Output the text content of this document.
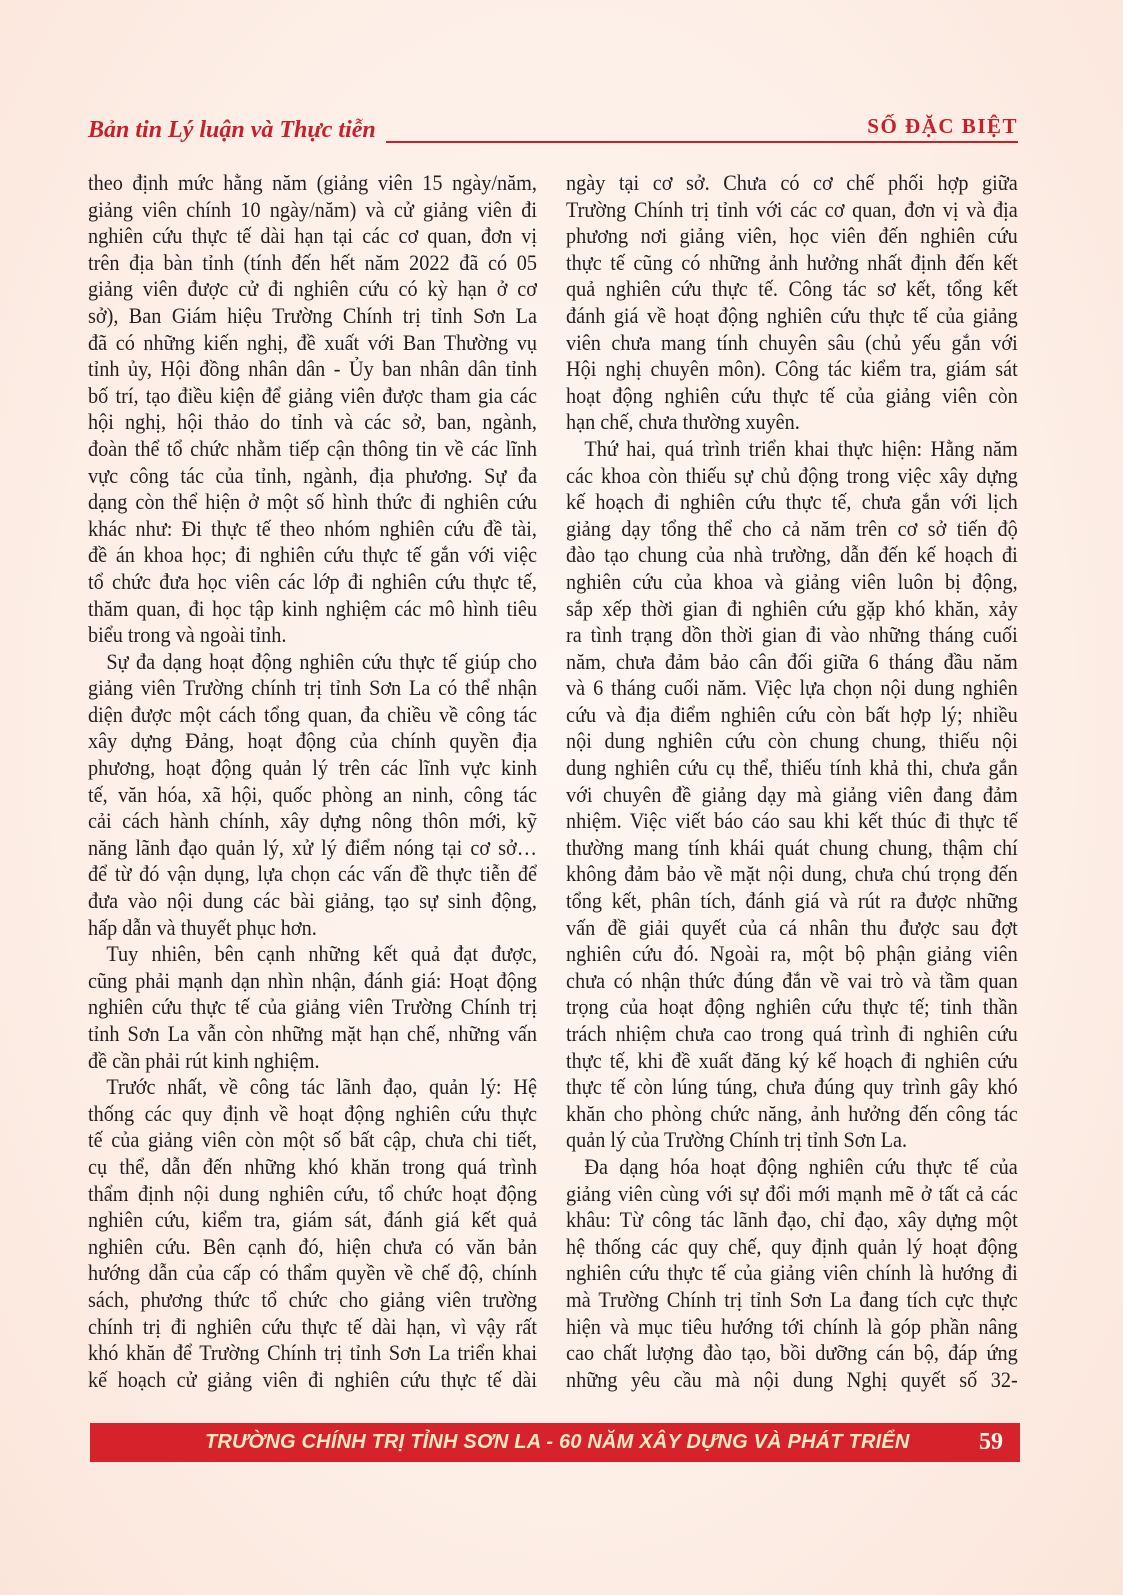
Bản tin Lý luận và Thực tiễn	SỐ ĐẶC BIỆT
theo định mức hằng năm (giảng viên 15 ngày/năm,
giảng viên chính 10 ngày/năm) và cử giảng viên đi
nghiên cứu thực tế dài hạn tại các cơ quan, đơn vị
trên địa bàn tỉnh (tính đến hết năm 2022 đã có 05
giảng viên được cử đi nghiên cứu có kỳ hạn ở cơ
sở), Ban Giám hiệu Trường Chính trị tỉnh Sơn La
đã có những kiến nghị, đề xuất với Ban Thường vụ
tỉnh ủy, Hội đồng nhân dân - Ủy ban nhân dân tỉnh
bố trí, tạo điều kiện để giảng viên được tham gia các
hội nghị, hội thảo do tỉnh và các sở, ban, ngành,
đoàn thể tổ chức nhằm tiếp cận thông tin về các lĩnh
vực công tác của tỉnh, ngành, địa phương. Sự đa
dạng còn thể hiện ở một số hình thức đi nghiên cứu
khác như: Đi thực tế theo nhóm nghiên cứu đề tài,
đề án khoa học; đi nghiên cứu thực tế gắn với việc
tổ chức đưa học viên các lớp đi nghiên cứu thực tế,
thăm quan, đi học tập kinh nghiệm các mô hình tiêu
biểu trong và ngoài tỉnh.
Sự đa dạng hoạt động nghiên cứu thực tế giúp cho
giảng viên Trường chính trị tỉnh Sơn La có thể nhận
diện được một cách tổng quan, đa chiều về công tác
xây dựng Đảng, hoạt động của chính quyền địa
phương, hoạt động quản lý trên các lĩnh vực kinh
tế, văn hóa, xã hội, quốc phòng an ninh, công tác
cải cách hành chính, xây dựng nông thôn mới, kỹ
năng lãnh đạo quản lý, xử lý điểm nóng tại cơ sở…
để từ đó vận dụng, lựa chọn các vấn đề thực tiễn để
đưa vào nội dung các bài giảng, tạo sự sinh động,
hấp dẫn và thuyết phục hơn.
Tuy nhiên, bên cạnh những kết quả đạt được,
cũng phải mạnh dạn nhìn nhận, đánh giá: Hoạt động
nghiên cứu thực tế của giảng viên Trường Chính trị
tỉnh Sơn La vẫn còn những mặt hạn chế, những vấn
đề cần phải rút kinh nghiệm.
Trước nhất, về công tác lãnh đạo, quản lý: Hệ
thống các quy định về hoạt động nghiên cứu thực
tế của giảng viên còn một số bất cập, chưa chi tiết,
cụ thể, dẫn đến những khó khăn trong quá trình
thẩm định nội dung nghiên cứu, tổ chức hoạt động
nghiên cứu, kiểm tra, giám sát, đánh giá kết quả
nghiên cứu. Bên cạnh đó, hiện chưa có văn bản
hướng dẫn của cấp có thẩm quyền về chế độ, chính
sách, phương thức tổ chức cho giảng viên trường
chính trị đi nghiên cứu thực tế dài hạn, vì vậy rất
khó khăn để Trường Chính trị tỉnh Sơn La triển khai
kế hoạch cử giảng viên đi nghiên cứu thực tế dài
ngày tại cơ sở. Chưa có cơ chế phối hợp giữa
Trường Chính trị tỉnh với các cơ quan, đơn vị và địa
phương nơi giảng viên, học viên đến nghiên cứu
thực tế cũng có những ảnh hưởng nhất định đến kết
quả nghiên cứu thực tế. Công tác sơ kết, tổng kết
đánh giá về hoạt động nghiên cứu thực tế của giảng
viên chưa mang tính chuyên sâu (chủ yếu gắn với
Hội nghị chuyên môn). Công tác kiểm tra, giám sát
hoạt động nghiên cứu thực tế của giảng viên còn
hạn chế, chưa thường xuyên.
Thứ hai, quá trình triển khai thực hiện: Hằng năm
các khoa còn thiếu sự chủ động trong việc xây dựng
kế hoạch đi nghiên cứu thực tế, chưa gắn với lịch
giảng dạy tổng thể cho cả năm trên cơ sở tiến độ
đào tạo chung của nhà trường, dẫn đến kế hoạch đi
nghiên cứu của khoa và giảng viên luôn bị động,
sắp xếp thời gian đi nghiên cứu gặp khó khăn, xảy
ra tình trạng dồn thời gian đi vào những tháng cuối
năm, chưa đảm bảo cân đối giữa 6 tháng đầu năm
và 6 tháng cuối năm. Việc lựa chọn nội dung nghiên
cứu và địa điểm nghiên cứu còn bất hợp lý; nhiều
nội dung nghiên cứu còn chung chung, thiếu nội
dung nghiên cứu cụ thể, thiếu tính khả thi, chưa gắn
với chuyên đề giảng dạy mà giảng viên đang đảm
nhiệm. Việc viết báo cáo sau khi kết thúc đi thực tế
thường mang tính khái quát chung chung, thậm chí
không đảm bảo về mặt nội dung, chưa chú trọng đến
tổng kết, phân tích, đánh giá và rút ra được những
vấn đề giải quyết của cá nhân thu được sau đợt
nghiên cứu đó. Ngoài ra, một bộ phận giảng viên
chưa có nhận thức đúng đắn về vai trò và tầm quan
trọng của hoạt động nghiên cứu thực tế; tinh thần
trách nhiệm chưa cao trong quá trình đi nghiên cứu
thực tế, khi đề xuất đăng ký kế hoạch đi nghiên cứu
thực tế còn lúng túng, chưa đúng quy trình gây khó
khăn cho phòng chức năng, ảnh hưởng đến công tác
quản lý của Trường Chính trị tỉnh Sơn La.
Đa dạng hóa hoạt động nghiên cứu thực tế của
giảng viên cùng với sự đổi mới mạnh mẽ ở tất cả các
khâu: Từ công tác lãnh đạo, chỉ đạo, xây dựng một
hệ thống các quy chế, quy định quản lý hoạt động
nghiên cứu thực tế của giảng viên chính là hướng đi
mà Trường Chính trị tỉnh Sơn La đang tích cực thực
hiện và mục tiêu hướng tới chính là góp phần nâng
cao chất lượng đào tạo, bồi dưỡng cán bộ, đáp ứng
những yêu cầu mà nội dung Nghị quyết số 32-
TRƯỜNG CHÍNH TRỊ TỈNH SƠN LA - 60 NĂM XÂY DỰNG VÀ PHÁT TRIỂN	59
